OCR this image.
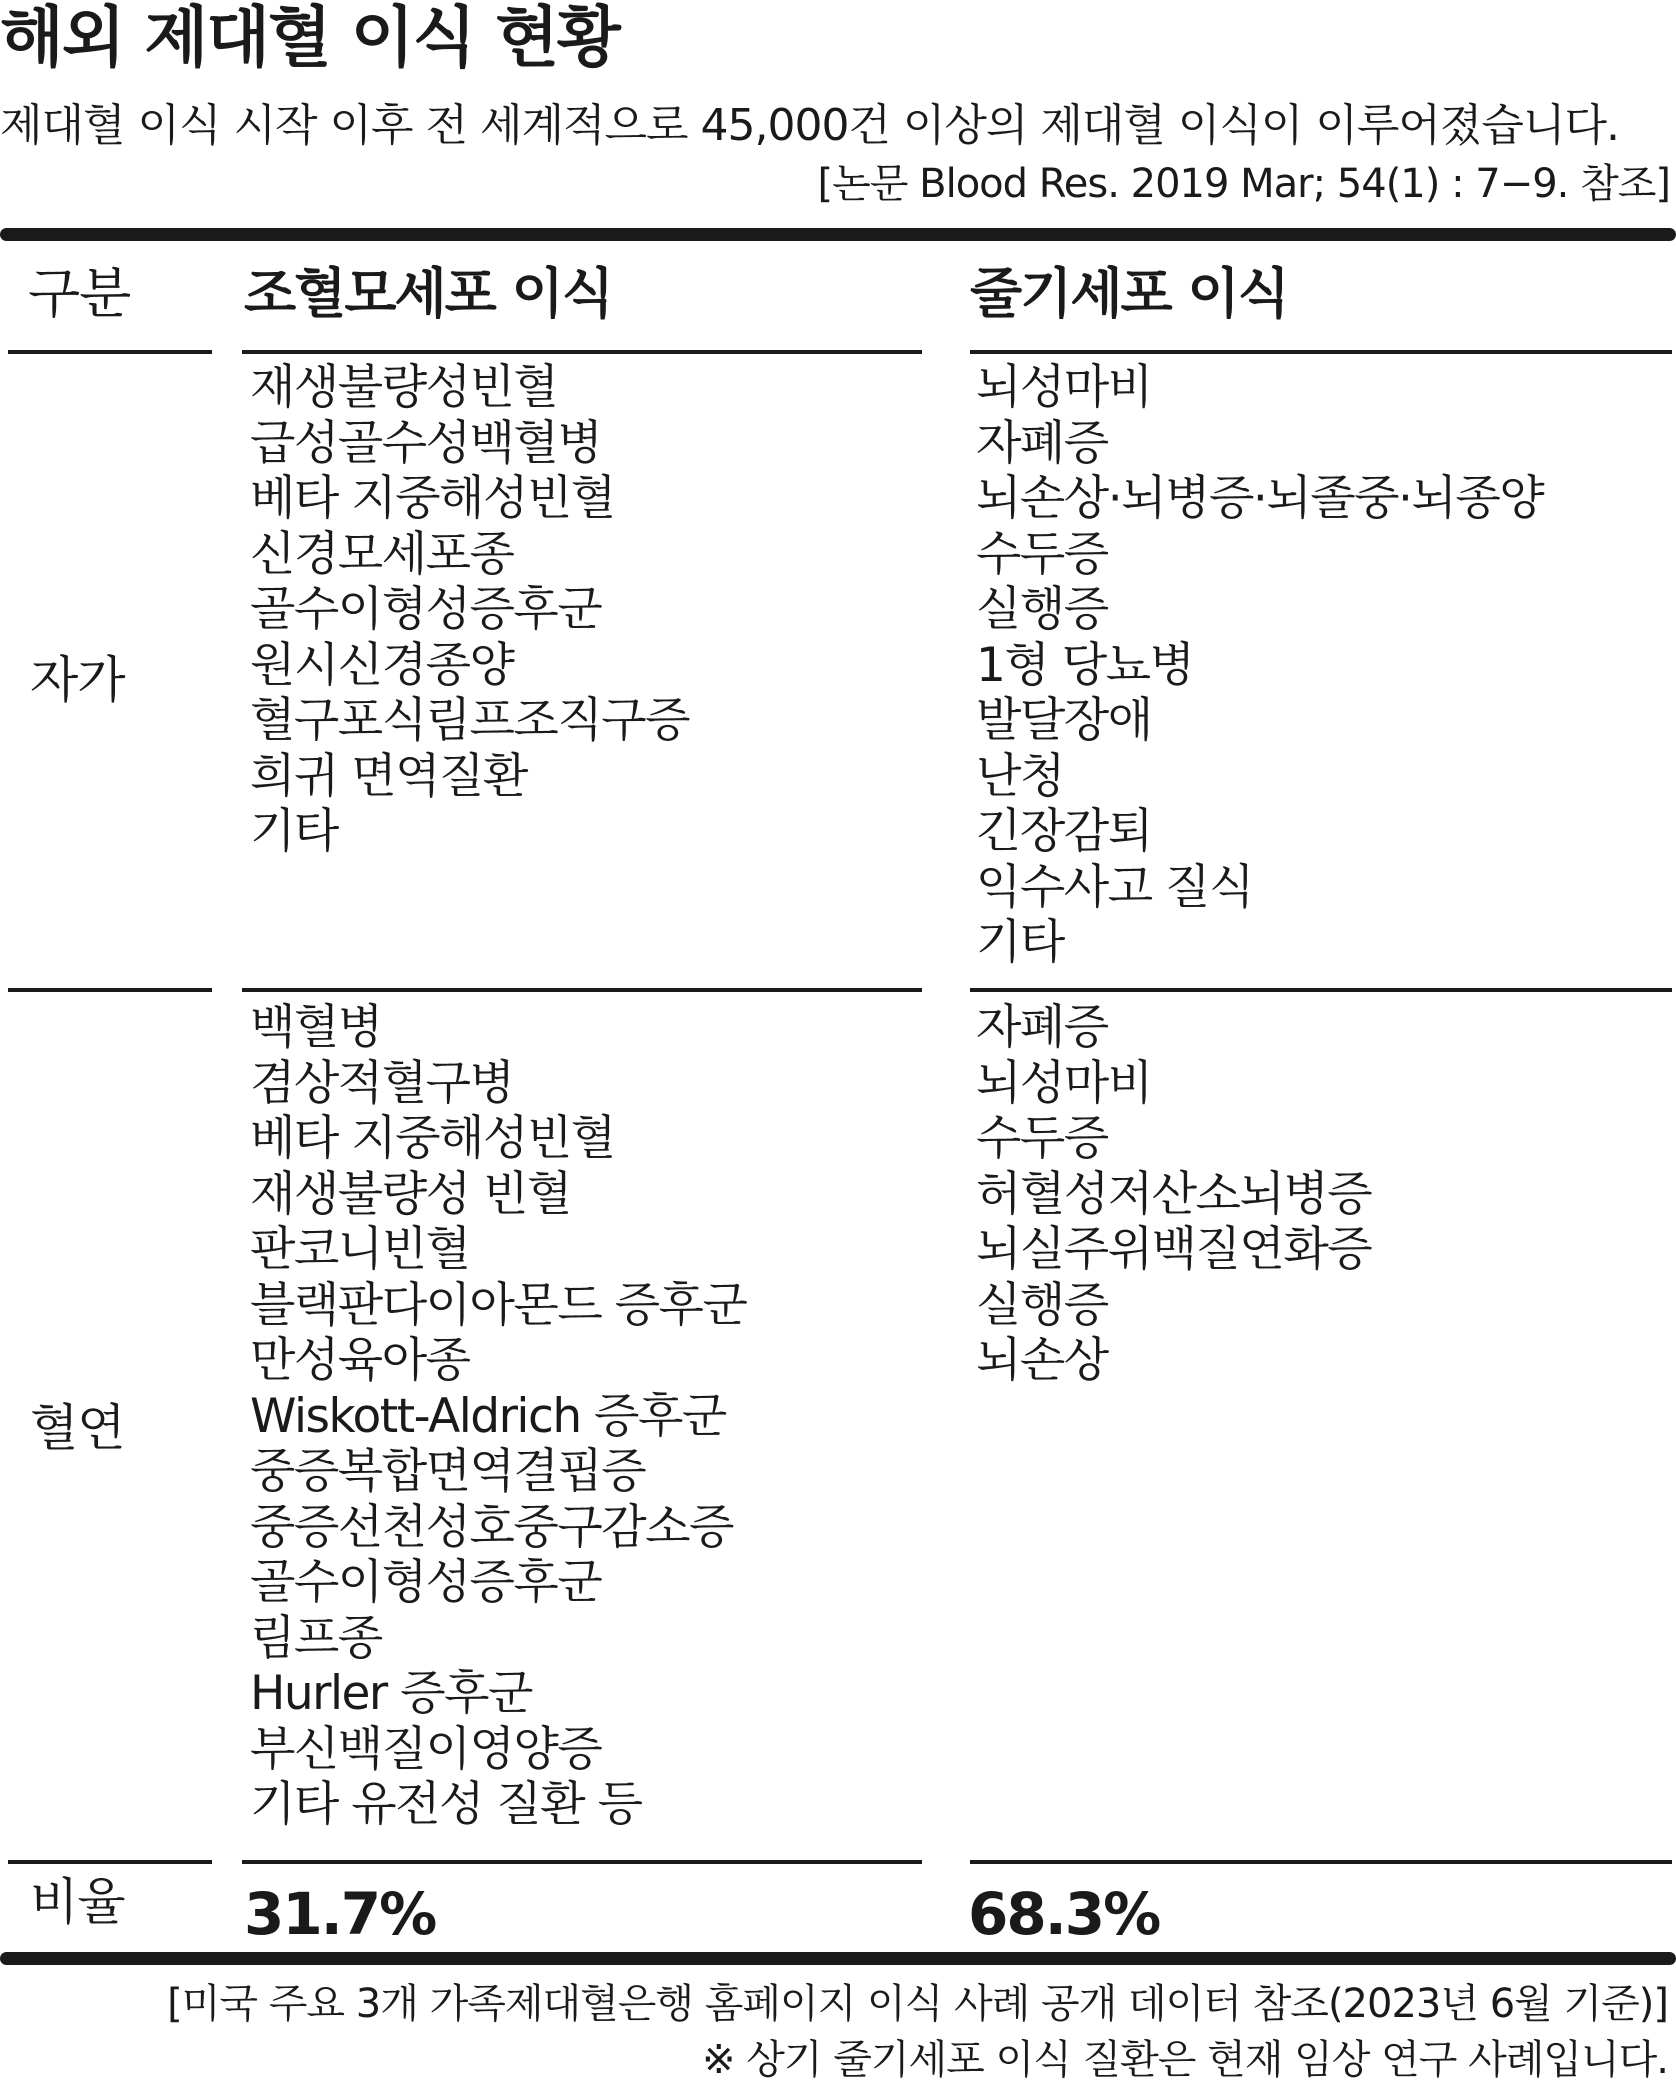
해외 제대혈 이식 현황
제대혈 이식 시작 이후 전 세계적으로 45,000건 이상의 제대혈 이식이 이루어졌습니다.
[논문 Blood Res. 2019 Mar; 54(1) : 7−9. 참조]
구분 조혈모세포 이식	줄기세포 이식
자가
재생불량성빈혈
급성골수성백혈병
베타 지중해성빈혈
신경모세포종
골수이형성증후군
원시신경종양
혈구포식림프조직구증
희귀 면역질환
기타
뇌성마비
자폐증
뇌손상·뇌병증·뇌졸중·뇌종양
수두증
실행증
1형 당뇨병
발달장애
난청
긴장감퇴
익수사고 질식
기타
혈연
백혈병
겸상적혈구병
베타 지중해성빈혈
재생불량성 빈혈
판코니빈혈
블랙판다이아몬드 증후군
만성육아종
Wiskott-Aldrich 증후군
중증복합면역결핍증
중증선천성호중구감소증
골수이형성증후군
림프종
Hurler 증후군
부신백질이영양증
기타 유전성 질환 등
자폐증
뇌성마비
수두증
허혈성저산소뇌병증
뇌실주위백질연화증
실행증
뇌손상
비율 31.7%	68.3%
[미국 주요 3개 가족제대혈은행 홈페이지 이식 사례 공개 데이터 참조(2023년 6월 기준)]
※ 상기 줄기세포 이식 질환은 현재 임상 연구 사례입니다.
